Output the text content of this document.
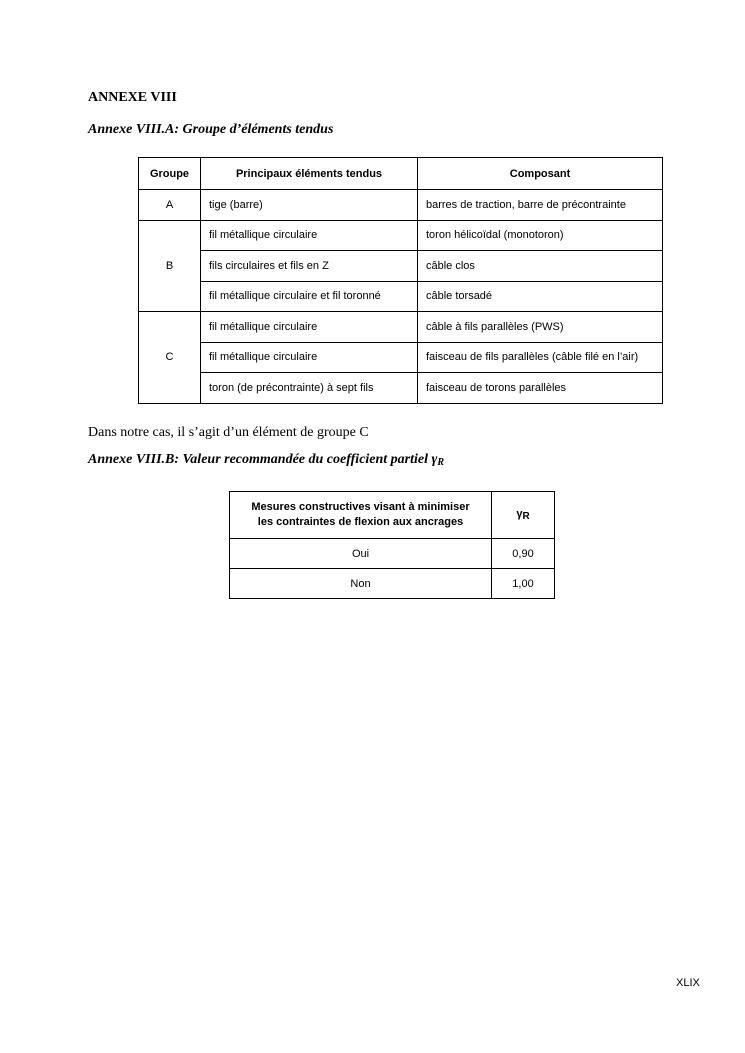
ANNEXE VIII
Annexe VIII.A: Groupe d’éléments tendus
Groupe	Principaux éléments tendus	Composant
A	tige (barre)	barres de traction, barre de précontrainte
B	fil métallique circulaire	toron hélicoïdal (monotoron)
	fils circulaires et fils en Z	câble clos
	fil métallique circulaire et fil toronné	câble torsadé
C	fil métallique circulaire	câble à fils parallèles (PWS)
	fil métallique circulaire	faisceau de fils parallèles (câble filé en l’air)
	toron (de précontrainte) à sept fils	faisceau de torons parallèles
Dans notre cas, il s’agit d’un élément de groupe C
Annexe VIII.B: Valeur recommandée du coefficient partiel $\gamma_R$
Mesures constructives visant à minimiser
les contraintes de flexion aux ancrages	$\gamma_R$
Oui	0,90
Non	1,00
XLIX
